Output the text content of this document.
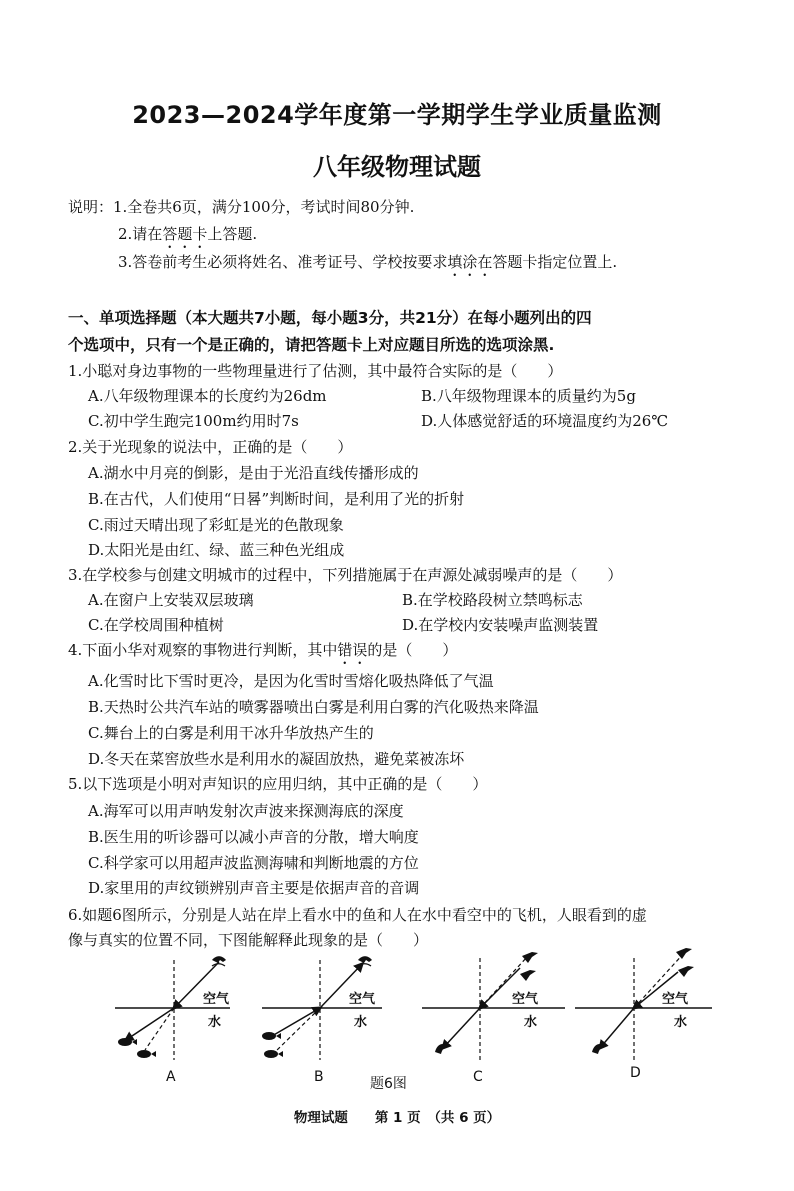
2023—2024学年度第一学期学生学业质量监测
八年级物理试题
说明：1.全卷共6页，满分100分，考试时间80分钟.
2.请在答题卡上答题.
3.答卷前考生必须将姓名、准考证号、学校按要求填涂在答题卡指定位置上.
一、单项选择题（本大题共7小题，每小题3分，共21分）在每小题列出的四
个选项中，只有一个是正确的，请把答题卡上对应题目所选的选项涂黑.
1.小聪对身边事物的一些物理量进行了估测，其中最符合实际的是（　　）
A.八年级物理课本的长度约为26dm	B.八年级物理课本的质量约为5g
C.初中学生跑完100m约用时7s	D.人体感觉舒适的环境温度约为26℃
2.关于光现象的说法中，正确的是（　　）
A.湖水中月亮的倒影，是由于光沿直线传播形成的
B.在古代，人们使用“日晷”判断时间，是利用了光的折射
C.雨过天晴出现了彩虹是光的色散现象
D.太阳光是由红、绿、蓝三种色光组成
3.在学校参与创建文明城市的过程中，下列措施属于在声源处减弱噪声的是（　　）
A.在窗户上安装双层玻璃	B.在学校路段树立禁鸣标志
C.在学校周围种植树	D.在学校内安装噪声监测装置
4.下面小华对观察的事物进行判断，其中错误的是（　　）
A.化雪时比下雪时更冷，是因为化雪时雪熔化吸热降低了气温
B.天热时公共汽车站的喷雾器喷出白雾是利用白雾的汽化吸热来降温
C.舞台上的白雾是利用干冰升华放热产生的
D.冬天在菜窖放些水是利用水的凝固放热，避免菜被冻坏
5.以下选项是小明对声知识的应用归纳，其中正确的是（　　）
A.海军可以用声呐发射次声波来探测海底的深度
B.医生用的听诊器可以减小声音的分散，增大响度
C.科学家可以用超声波监测海啸和判断地震的方位
D.家里用的声纹锁辨别声音主要是依据声音的音调
6.如题6图所示，分别是人站在岸上看水中的鱼和人在水中看空中的飞机，人眼看到的虚
像与真实的位置不同，下图能解释此现象的是（　　）
空气
水
A
空气
水
B
空气
水
C
空气
水
D
题6图
物理试题　　第 1 页　（共 6 页）
